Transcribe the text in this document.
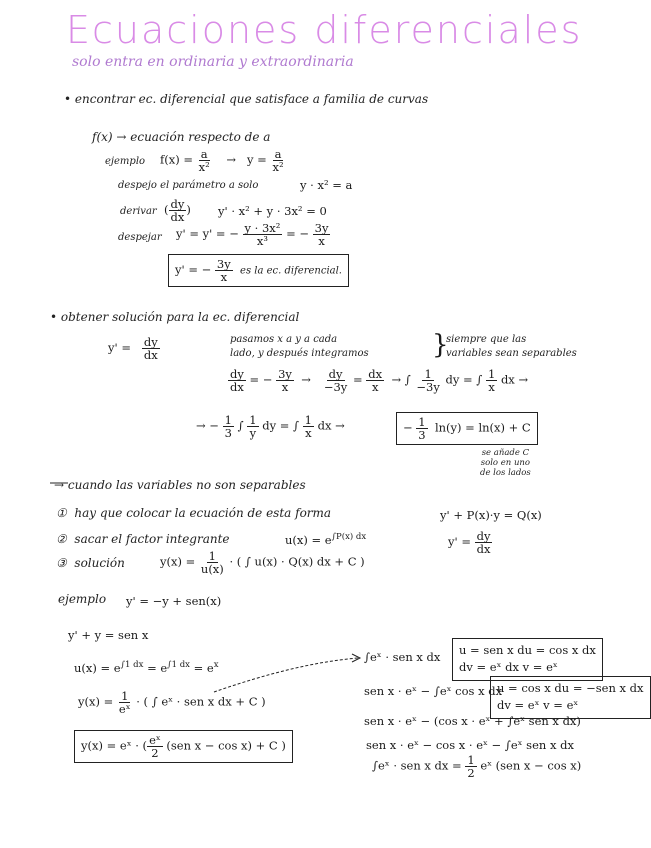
Ecuaciones diferenciales
solo entra en ordinaria y extraordinaria
• encontrar ec. diferencial que satisface a familia de curvas
f(x) → ecuación respecto de a
ejemplo $f(x) = \frac{a}{\text{x²}} \to y = \frac{a}{\text{x²}}$
despejo el parámetro a solo	y · x² = a
derivar ( $\frac{dy}{dx}$ ) y' · x² + y · 3x² = 0
despejar y' = y' = − $\frac{\text{y · 3x²}}{\text{x³}}$ = − $\frac{3y}{x}$
y' = − $\frac{3y}{x}$ es la ec. diferencial.
• obtener solución para la ec. diferencial
$y' = \frac{dy}{dx}$	pasamos x a y a cada
lado, y después integramos }
siempre que las
variables sean separables
$\frac{dy}{dx}$ = − $\frac{3y}{x} \to \frac{dy}{-3y} = \frac{dx}{x}$ → ∫ $\frac{1}{-3y}$ dy = ∫ $\frac{1}{x}$ dx →
→ − $\frac{1}{3}$ ∫ $\frac{1}{y}$ dy = ∫ $\frac{1}{x}$ dx →	− $\frac{1}{3} \ln(y) = \ln(x) + C$
se añade C
solo en uno
de los lados
→ cuando las variables no son separables
① hay que colocar la ecuación de esta forma	y' + P(x)·y = Q(x)
$y' = \frac{dy}{dx}$
② sacar el factor integrante	$u(x) = e^{\int P(x) dx}$
③ solución	$y(x) = \frac{1}{u(x)}$ · ( ∫ u(x) · Q(x) dx + C )
ejemplo y' = −y + sen(x)
y' + y = sen x
$u(x) = e^{\int 1 dx} = e^{\int 1 dx} = e^x$
$y(x) = \frac{1}{\text{eˣ}}$ · ( ∫ eˣ · sen x dx + C )
y(x) = eˣ · ( $\frac{\text{eˣ}}{2} (sen$ x − cos x) + C )
∫eˣ · sen x dx u = sen x du = cos x dx
dv = eˣ dx v = eˣ
u = cos x du = −sen x dx
dv = eˣ v = eˣ
sen x · eˣ − ∫eˣ cos x dx
sen x · eˣ − (cos x · eˣ + ∫eˣ sen x dx)
sen x · eˣ − cos x · eˣ − ∫eˣ sen x dx
∫eˣ · sen x dx = $\frac{1}{2}$ eˣ (sen x − cos x)
